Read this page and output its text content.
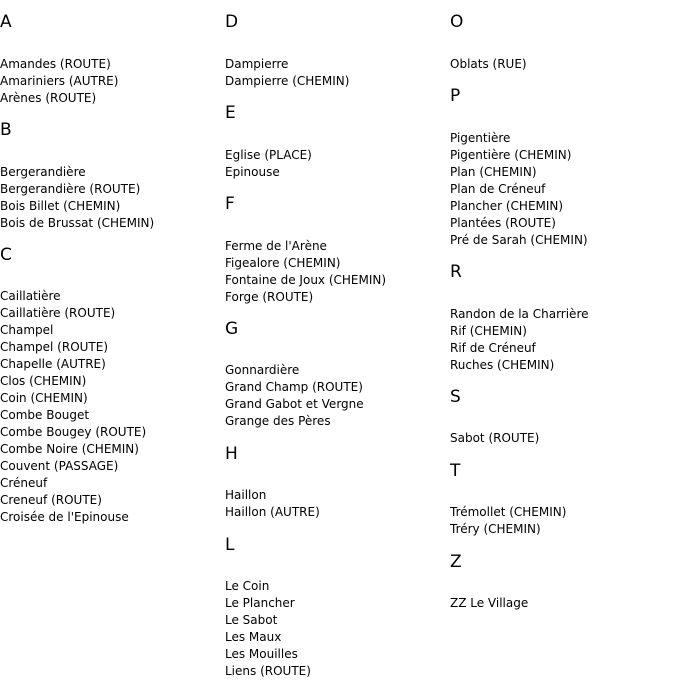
A
Amandes (ROUTE)
Amariniers (AUTRE)
Arènes (ROUTE)
B
Bergerandière
Bergerandière (ROUTE)
Bois Billet (CHEMIN)
Bois de Brussat (CHEMIN)
C
Caillatière
Caillatière (ROUTE)
Champel
Champel (ROUTE)
Chapelle (AUTRE)
Clos (CHEMIN)
Coin (CHEMIN)
Combe Bouget
Combe Bougey (ROUTE)
Combe Noire (CHEMIN)
Couvent (PASSAGE)
Créneuf
Creneuf (ROUTE)
Croisée de l'Epinouse
D
Dampierre
Dampierre (CHEMIN)
E
Eglise (PLACE)
Epinouse
F
Ferme de l'Arène
Figealore (CHEMIN)
Fontaine de Joux (CHEMIN)
Forge (ROUTE)
G
Gonnardière
Grand Champ (ROUTE)
Grand Gabot et Vergne
Grange des Pères
H
Haillon
Haillon (AUTRE)
L
Le Coin
Le Plancher
Le Sabot
Les Maux
Les Mouilles
Liens (ROUTE)
O
Oblats (RUE)
P
Pigentière
Pigentière (CHEMIN)
Plan (CHEMIN)
Plan de Créneuf
Plancher (CHEMIN)
Plantées (ROUTE)
Pré de Sarah (CHEMIN)
R
Randon de la Charrière
Rif (CHEMIN)
Rif de Créneuf
Ruches (CHEMIN)
S
Sabot (ROUTE)
T
Trémollet (CHEMIN)
Tréry (CHEMIN)
Z
ZZ Le Village
